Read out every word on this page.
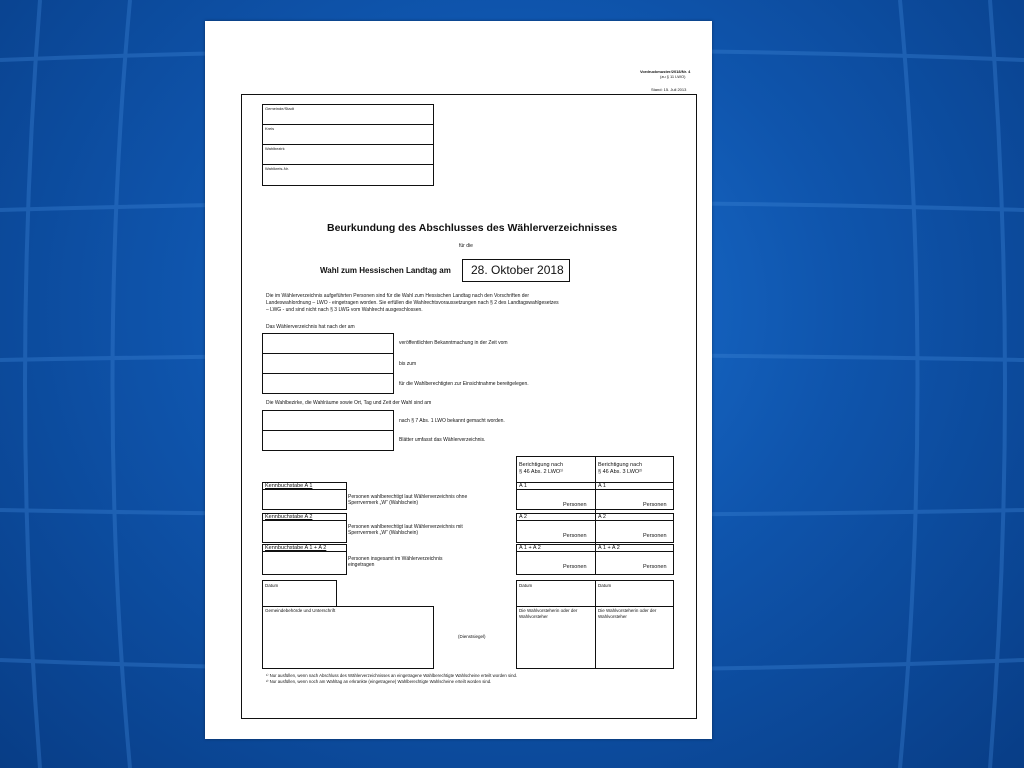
Vordruckmuster/2018/Nr. 4
(zu § 11 LWO)
Stand: 15. Juli 2013
Gemeinde/Stadt
Kreis
Wahlbezirk
Wahlkreis-Nr.
Beurkundung des Abschlusses des Wählerverzeichnisses
für die
Wahl zum Hessischen Landtag am 28. Oktober 2018
Die im Wählerverzeichnis aufgeführten Personen sind für die Wahl zum Hessischen Landtag nach den Vorschriften der
Landeswahlordnung – LWO - eingetragen worden. Sie erfüllen die Wahlrechtsvoraussetzungen nach § 2 des Landtagswahlgesetzes
– LWG - und sind nicht nach § 3 LWG vom Wahlrecht ausgeschlossen.
Das Wählerverzeichnis hat nach der am
veröffentlichten Bekanntmachung in der Zeit vom
bis zum
für die Wahlberechtigten zur Einsichtnahme bereitgelegen.
Die Wahlbezirke, die Wahlräume sowie Ort, Tag und Zeit der Wahl sind am
nach § 7 Abs. 1 LWO bekannt gemacht worden.
Blätter umfasst das Wählerverzeichnis.
Berichtigung nach
§ 46 Abs. 2 LWO¹⁾
Berichtigung nach
§ 46 Abs. 3 LWO²⁾
Kennbuchstabe A 1
Personen wahlberechtigt laut Wählerverzeichnis ohne
Sperrvermerk „W“ (Wahlschein)
A 1	A 1
Personen	Personen
Kennbuchstabe A 2
Personen wahlberechtigt laut Wählerverzeichnis mit
Sperrvermerk „W“ (Wahlschein)
A 2	A 2
Personen	Personen
Kennbuchstabe A 1 + A 2
Personen insgesamt im Wählerverzeichnis
eingetragen
A 1 + A 2	A 1 + A 2
Personen	Personen
Datum
Gemeindebehörde und Unterschrift
(Dienstsiegel)
Datum	Datum
Die Wahlvorsteherin oder der
Wahlvorsteher
Die Wahlvorsteherin oder der
Wahlvorsteher
¹⁾ Nur ausfüllen, wenn nach Abschluss des Wählerverzeichnisses an eingetragene Wahlberechtigte Wahlscheine erteilt worden sind.
²⁾ Nur ausfüllen, wenn noch am Wahltag an erkrankte (eingetragene) Wahlberechtigte Wahlscheine erteilt worden sind.
